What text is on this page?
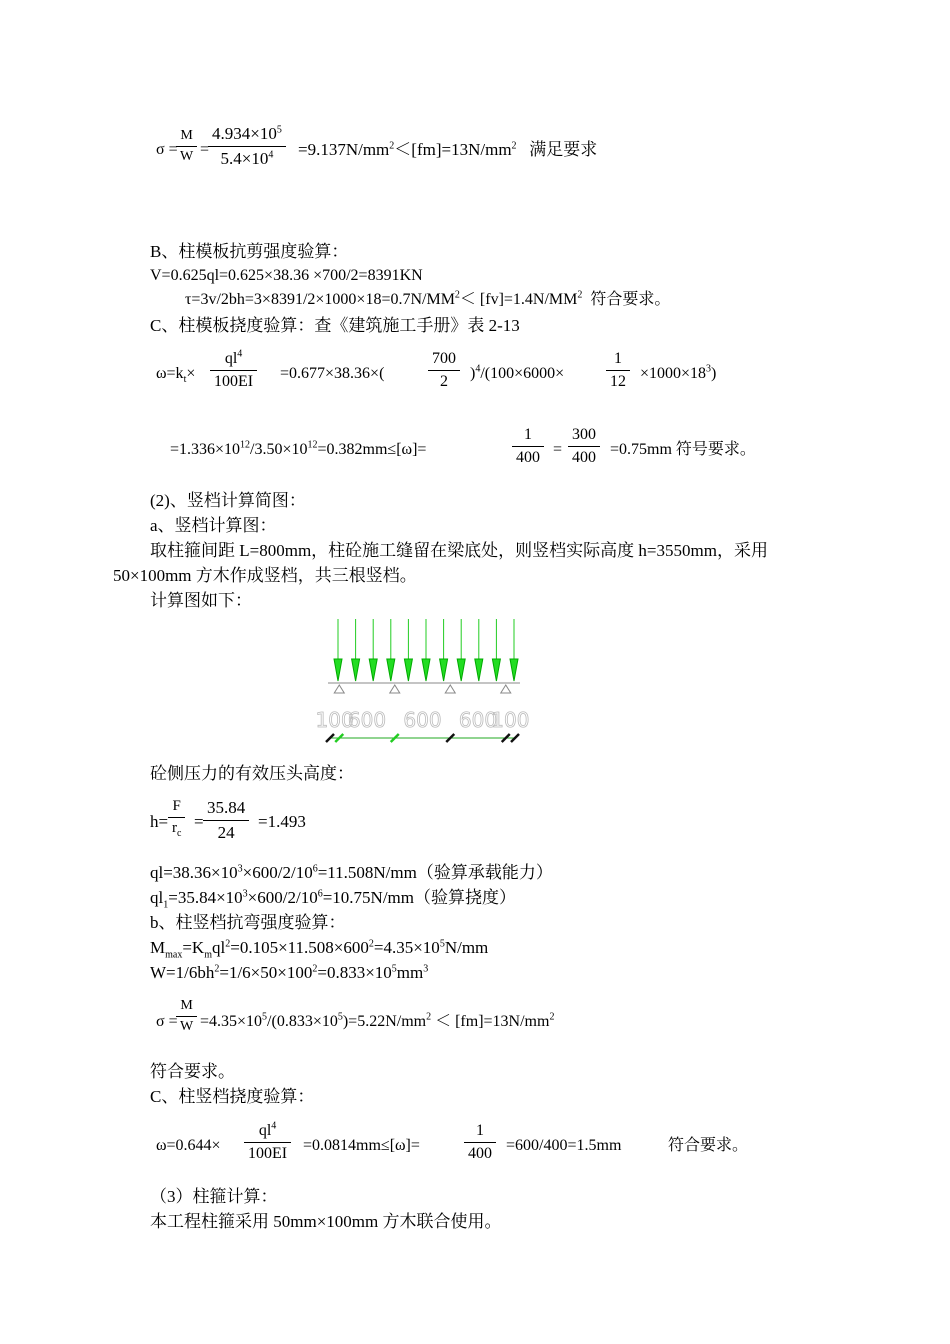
σ =
M
W =
$4.934\times 10^5$
$5.4\times 10^4$	$=9.137N/mm^2<[fm]=13N/mm^2$ 满足要求
B、柱模板抗剪强度验算：
V=0.625ql=0.625×38.36 ×700/2=8391KN
$\tau=3v/2bh=3\times 8391/2\times 1000\times 18=0.7N/MM^2< [fv]=1.4N/MM^2$ 符合要求。
C、柱模板挠度验算：查《建筑施工手册》表 2-13
$\omega=k_t\times$
$ql^4$
100EI =0.677×38.36×(
700
2	)$^4$/(100×6000×
1
$12 \times 1000\times 18^3$)
$=1.336\times 10^{12}/3.50\times 10^{12}=0.382mm\le[\omega]=$
1
400 =
300
400 =0.75mm 符号要求。
(2)、竖档计算简图：
a、竖档计算图：
取柱箍间距 L=800mm，柱砼施工缝留在梁底处，则竖档实际高度 h=3550mm，采用
50×100mm 方木作成竖档，共三根竖档。
计算图如下：
100
600 600 600
100
砼侧压力的有效压头高度：
h=
F
$r_c$
=
35.84
24
=1.493
$ql=38.36\times 10^3\times 600/2/10^6=11.508N/mm$（验算承载能力）
$ql_1=35.84\times 10^3\times 600/2/10^6=10.75N/mm$（验算挠度）
b、柱竖档抗弯强度验算：
$M_{max}=K_mql^2=0.105\times 11.508\times 600^2=4.35\times 10^5N/mm$
$W=1/6bh^2=1/6\times 50\times 100^2=0.833\times 10^5mm^3$
σ =
M
$W =4.35\times 10^5/(0.833\times 10^5)=5.22N/mm^2 < [fm]=13N/mm^2$
符合要求。
C、柱竖档挠度验算：
ω=0.644×
$ql^4$
100EI =0.0814mm≤[ω]=
1
400 =600/400=1.5mm	符合要求。
（3）柱箍计算：
本工程柱箍采用 50mm×100mm 方木联合使用。
